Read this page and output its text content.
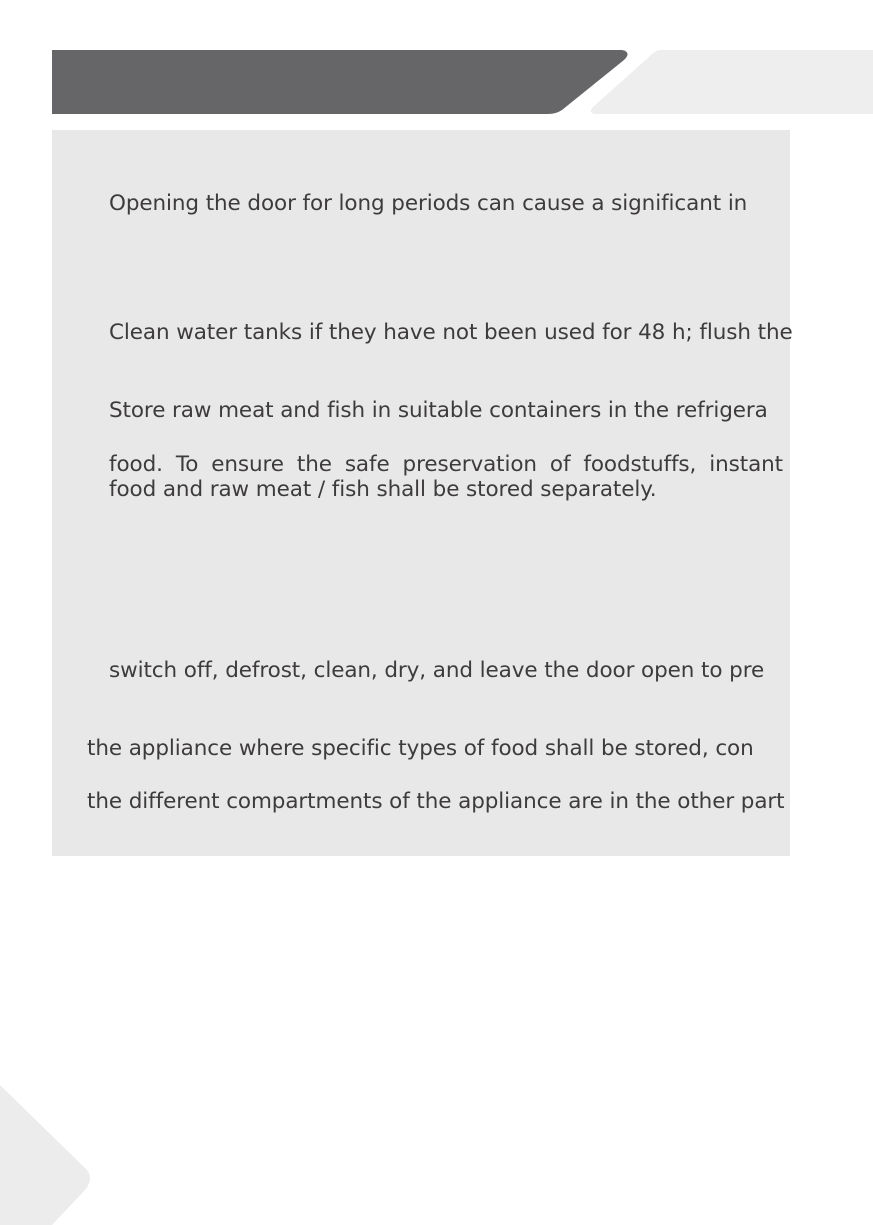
Opening the door for long periods can cause a significant in
Clean water tanks if they have not been used for 48 h; flush the
Store raw meat and fish in suitable containers in the refrigera
food. To ensure the safe preservation of foodstuffs, instant food and raw meat / fish shall be stored separately.
switch off, defrost, clean, dry, and leave the door open to pre
the appliance where specific types of food shall be stored, con
the different compartments of the appliance are in the other part
